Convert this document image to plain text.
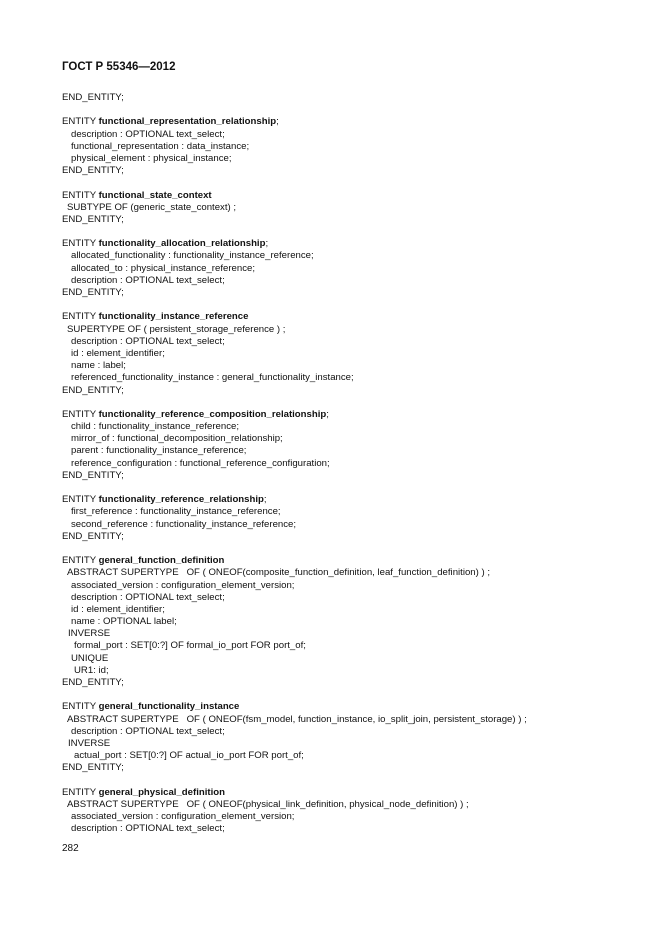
ГОСТ Р 55346—2012
END_ENTITY;
ENTITY functional_representation_relationship;
description : OPTIONAL text_select;
functional_representation : data_instance;
physical_element : physical_instance;
END_ENTITY;
ENTITY functional_state_context
SUBTYPE OF (generic_state_context) ;
END_ENTITY;
ENTITY functionality_allocation_relationship;
allocated_functionality : functionality_instance_reference;
allocated_to : physical_instance_reference;
description : OPTIONAL text_select;
END_ENTITY;
ENTITY functionality_instance_reference
SUPERTYPE OF ( persistent_storage_reference ) ;
description : OPTIONAL text_select;
id : element_identifier;
name : label;
referenced_functionality_instance : general_functionality_instance;
END_ENTITY;
ENTITY functionality_reference_composition_relationship;
child : functionality_instance_reference;
mirror_of : functional_decomposition_relationship;
parent : functionality_instance_reference;
reference_configuration : functional_reference_configuration;
END_ENTITY;
ENTITY functionality_reference_relationship;
first_reference : functionality_instance_reference;
second_reference : functionality_instance_reference;
END_ENTITY;
ENTITY general_function_definition
ABSTRACT SUPERTYPE   OF ( ONEOF(composite_function_definition, leaf_function_definition) ) ;
associated_version : configuration_element_version;
description : OPTIONAL text_select;
id : element_identifier;
name : OPTIONAL label;
INVERSE
formal_port : SET[0:?] OF formal_io_port FOR port_of;
UNIQUE
UR1: id;
END_ENTITY;
ENTITY general_functionality_instance
ABSTRACT SUPERTYPE   OF ( ONEOF(fsm_model, function_instance, io_split_join, persistent_storage) ) ;
description : OPTIONAL text_select;
INVERSE
actual_port : SET[0:?] OF actual_io_port FOR port_of;
END_ENTITY;
ENTITY general_physical_definition
ABSTRACT SUPERTYPE   OF ( ONEOF(physical_link_definition, physical_node_definition) ) ;
associated_version : configuration_element_version;
description : OPTIONAL text_select;
282
